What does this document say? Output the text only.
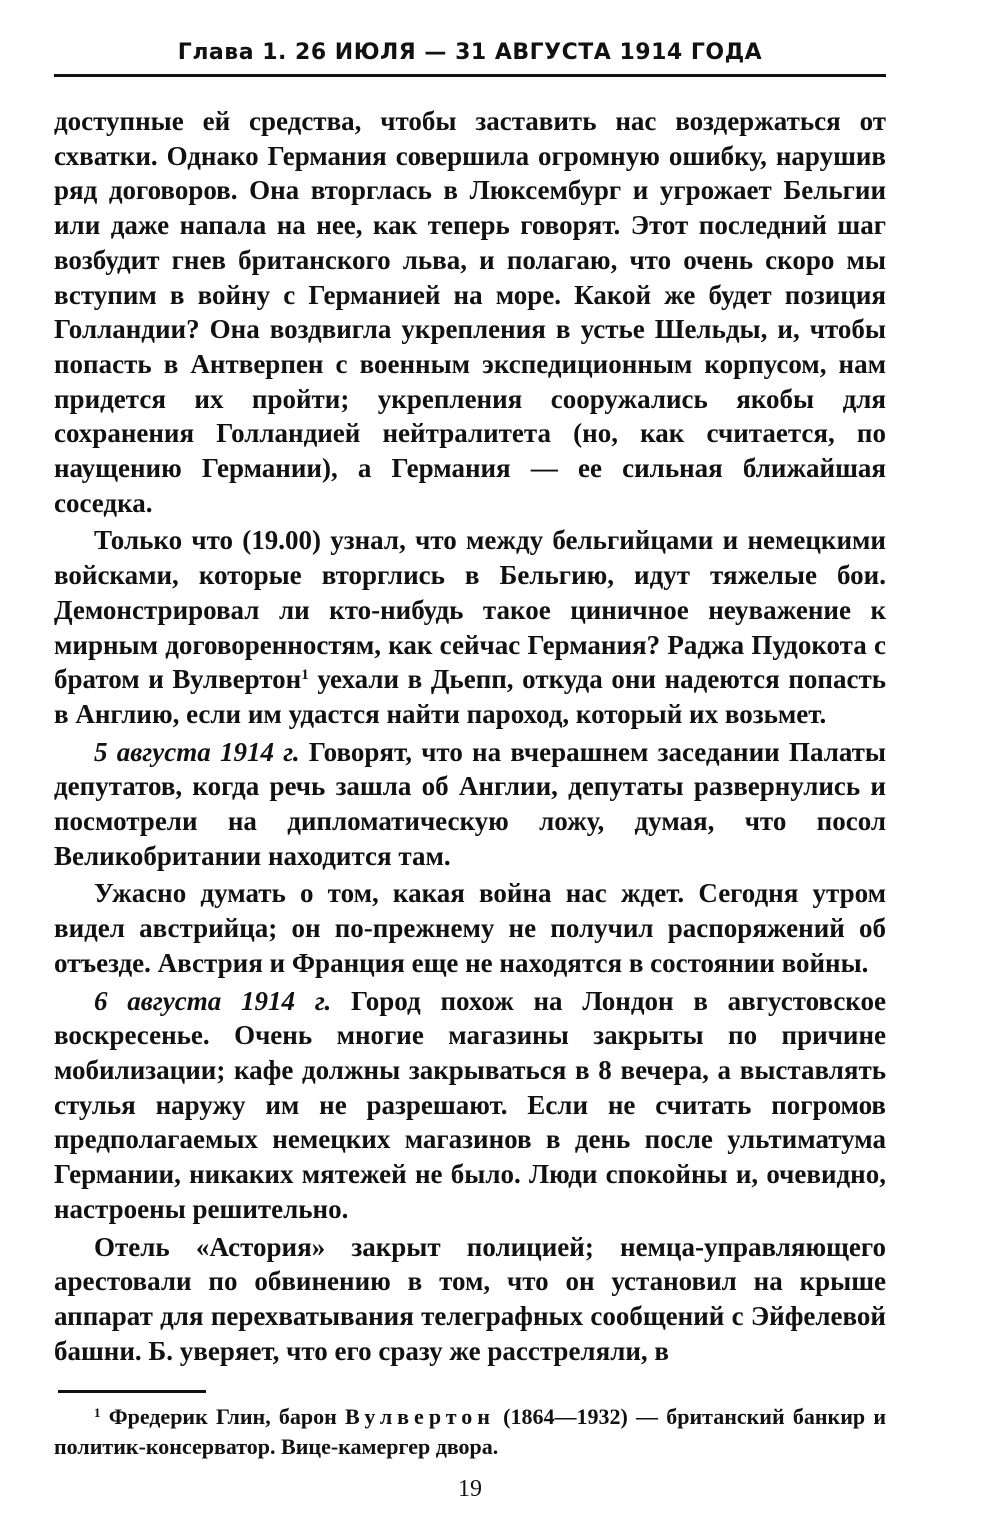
Глава 1. 26 ИЮЛЯ — 31 АВГУСТА 1914 ГОДА

доступные ей средства, чтобы заставить нас воздержаться от схватки. Однако Германия совершила огромную ошибку, нарушив ряд договоров. Она вторглась в Люксембург и угрожает Бельгии или даже напала на нее, как теперь говорят. Этот последний шаг возбудит гнев британского льва, и полагаю, что очень скоро мы вступим в войну с Германией на море. Какой же будет позиция Голландии? Она воздвигла укрепления в устье Шельды, и, чтобы попасть в Антверпен с военным экспедиционным корпусом, нам придется их пройти; укрепления сооружались якобы для сохранения Голландией нейтралитета (но, как считается, по наущению Германии), а Германия — ее сильная ближайшая соседка.

Только что (19.00) узнал, что между бельгийцами и немецкими войсками, которые вторглись в Бельгию, идут тяжелые бои. Демонстрировал ли кто-нибудь такое циничное неуважение к мирным договоренностям, как сейчас Германия? Раджа Пудокота с братом и Вулвертон$^1$ уехали в Дьепп, откуда они надеются попасть в Англию, если им удастся найти пароход, который их возьмет.

5 августа 1914 г. Говорят, что на вчерашнем заседании Палаты депутатов, когда речь зашла об Англии, депутаты развернулись и посмотрели на дипломатическую ложу, думая, что посол Великобритании находится там.

Ужасно думать о том, какая война нас ждет. Сегодня утром видел австрийца; он по-прежнему не получил распоряжений об отъезде. Австрия и Франция еще не находятся в состоянии войны.

6 августа 1914 г. Город похож на Лондон в августовское воскресенье. Очень многие магазины закрыты по причине мобилизации; кафе должны закрываться в 8 вечера, а выставлять стулья наружу им не разрешают. Если не считать погромов предполагаемых немецких магазинов в день после ультиматума Германии, никаких мятежей не было. Люди спокойны и, очевидно, настроены решительно.

Отель «Астория» закрыт полицией; немца-управляющего арестовали по обвинению в том, что он установил на крыше аппарат для перехватывания телеграфных сообщений с Эйфелевой башни. Б. уверяет, что его сразу же расстреляли, в

$^1$ Фредерик Глин, барон Вулвертон (1864—1932) — британский банкир и политик-консерватор. Вице-камергер двора.
19
